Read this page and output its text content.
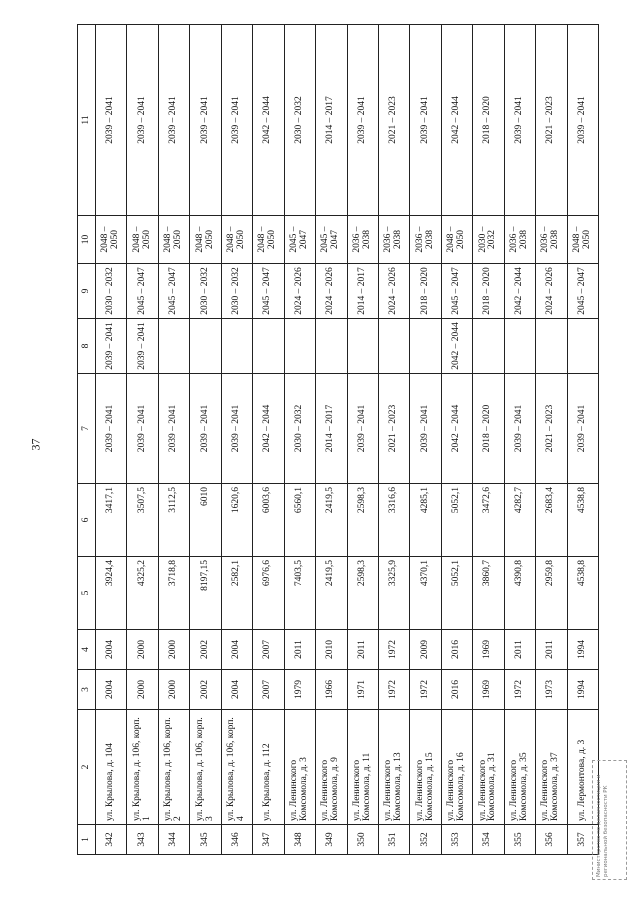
37
1	2	3	4	5	6	7	8	9	10	11
342	ул. Крылова, д. 104	2004	2004	3924,4	3417,1	2039 – 2041	2039 – 2041	2030 – 2032	2048 – 2050	2039 – 2041
343	ул. Крылова, д. 106, корп. 1	2000	2000	4325,2	3507,5	2039 – 2041	2039 – 2041	2045 – 2047	2048 – 2050	2039 – 2041
344	ул. Крылова, д. 106, корп. 2	2000	2000	3718,8	3112,5	2039 – 2041		2045 – 2047	2048 – 2050	2039 – 2041
345	ул. Крылова, д. 106, корп. 3	2002	2002	8197,15	6010	2039 – 2041		2030 – 2032	2048 – 2050	2039 – 2041
346	ул. Крылова, д. 106, корп. 4	2004	2004	2582,1	1620,6	2039 – 2041		2030 – 2032	2048 – 2050	2039 – 2041
347	ул. Крылова, д. 112	2007	2007	6976,6	6003,6	2042 – 2044		2045 – 2047	2048 – 2050	2042 – 2044
348	ул. Ленинского Комсомола, д. 3	1979	2011	7403,5	6560,1	2030 – 2032		2024 – 2026	2045 – 2047	2030 – 2032
349	ул. Ленинского Комсомола, д. 9	1966	2010	2419,5	2419,5	2014 – 2017		2024 – 2026	2045 – 2047	2014 – 2017
350	ул. Ленинского Комсомола, д. 11	1971	2011	2598,3	2598,3	2039 – 2041		2014 – 2017	2036 – 2038	2039 – 2041
351	ул. Ленинского Комсомола, д. 13	1972	1972	3325,9	3316,6	2021 – 2023		2024 – 2026	2036 – 2038	2021 – 2023
352	ул. Ленинского Комсомола, д. 15	1972	2009	4370,1	4285,1	2039 – 2041		2018 – 2020	2036 – 2038	2039 – 2041
353	ул. Ленинского Комсомола, д. 16	2016	2016	5052,1	5052,1	2042 – 2044	2042 – 2044	2045 – 2047	2048 – 2050	2042 – 2044
354	ул. Ленинского Комсомола, д. 31	1969	1969	3860,7	3472,6	2018 – 2020		2018 – 2020	2030 – 2032	2018 – 2020
355	ул. Ленинского Комсомола, д. 35	1972	2011	4390,8	4282,7	2039 – 2041		2042 – 2044	2036 – 2038	2039 – 2041
356	ул. Ленинского Комсомола, д. 37	1973	2011	2959,8	2683,4	2021 – 2023		2024 – 2026	2036 – 2038	2021 – 2023
357	ул. Лермонтова, д. 3	1994	1994	4538,8	4538,8	2039 – 2041		2045 – 2047	2048 – 2050	2039 – 2041
Министерство по делам юстиции и региональной безопасности РК
